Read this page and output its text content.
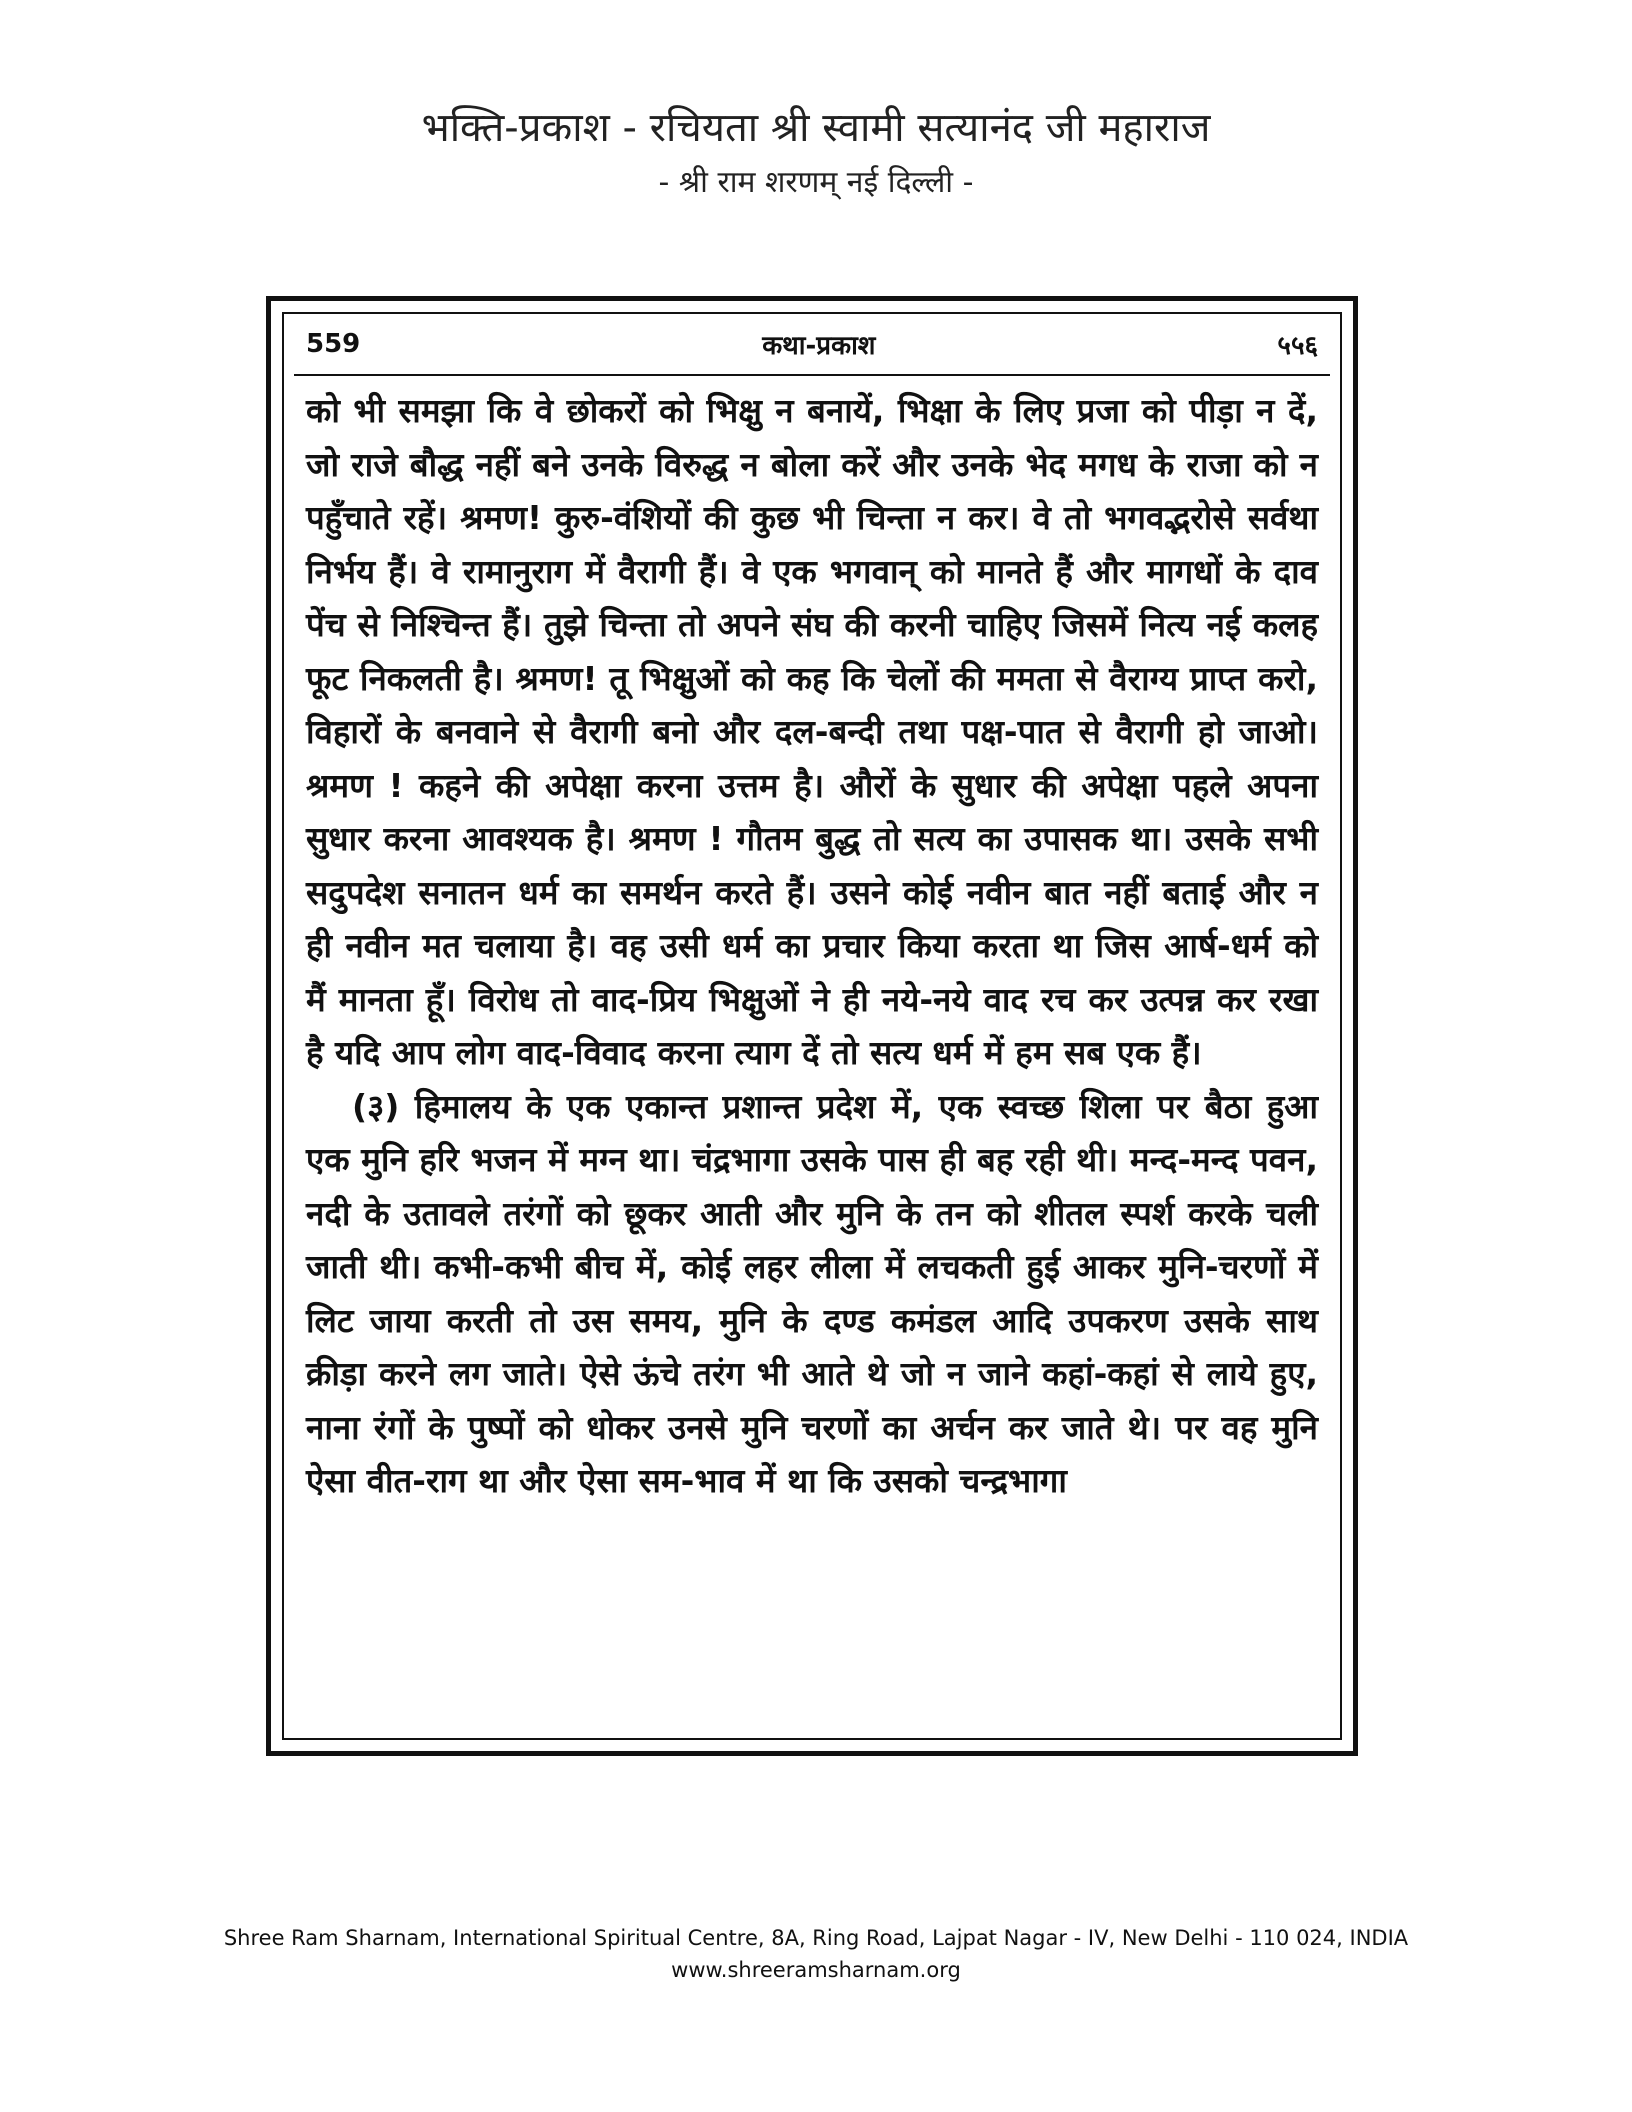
भक्ति-प्रकाश - रचियता श्री स्वामी सत्यानंद जी महाराज
- श्री राम शरणम् नई दिल्ली -
559	कथा-प्रकाश	५५६

को भी समझा कि वे छोकरों को भिक्षु न बनायें, भिक्षा के लिए प्रजा को पीड़ा न दें, जो राजे बौद्ध नहीं बने उनके विरुद्ध न बोला करें और उनके भेद मगध के राजा को न पहुँचाते रहें। श्रमण! कुरु-वंशियों की कुछ भी चिन्ता न कर। वे तो भगवद्भरोसे सर्वथा निर्भय हैं। वे रामानुराग में वैरागी हैं। वे एक भगवान् को मानते हैं और मागधों के दाव पेंच से निश्चिन्त हैं। तुझे चिन्ता तो अपने संघ की करनी चाहिए जिसमें नित्य नई कलह फूट निकलती है। श्रमण! तू भिक्षुओं को कह कि चेलों की ममता से वैराग्य प्राप्त करो, विहारों के बनवाने से वैरागी बनो और दल-बन्दी तथा पक्ष-पात से वैरागी हो जाओ। श्रमण ! कहने की अपेक्षा करना उत्तम है। औरों के सुधार की अपेक्षा पहले अपना सुधार करना आवश्यक है। श्रमण ! गौतम बुद्ध तो सत्य का उपासक था। उसके सभी सदुपदेश सनातन धर्म का समर्थन करते हैं। उसने कोई नवीन बात नहीं बताई और न ही नवीन मत चलाया है। वह उसी धर्म का प्रचार किया करता था जिस आर्ष-धर्म को मैं मानता हूँ। विरोध तो वाद-प्रिय भिक्षुओं ने ही नये-नये वाद रच कर उत्पन्न कर रखा है यदि आप लोग वाद-विवाद करना त्याग दें तो सत्य धर्म में हम सब एक हैं।

(३) हिमालय के एक एकान्त प्रशान्त प्रदेश में, एक स्वच्छ शिला पर बैठा हुआ एक मुनि हरि भजन में मग्न था। चंद्रभागा उसके पास ही बह रही थी। मन्द-मन्द पवन, नदी के उतावले तरंगों को छूकर आती और मुनि के तन को शीतल स्पर्श करके चली जाती थी। कभी-कभी बीच में, कोई लहर लीला में लचकती हुई आकर मुनि-चरणों में लिट जाया करती तो उस समय, मुनि के दण्ड कमंडल आदि उपकरण उसके साथ क्रीड़ा करने लग जाते। ऐसे ऊंचे तरंग भी आते थे जो न जाने कहां-कहां से लाये हुए, नाना रंगों के पुष्पों को धोकर उनसे मुनि चरणों का अर्चन कर जाते थे। पर वह मुनि ऐसा वीत-राग था और ऐसा सम-भाव में था कि उसको चन्द्रभागा

Shree Ram Sharnam, International Spiritual Centre, 8A, Ring Road, Lajpat Nagar - IV, New Delhi - 110 024, INDIA
www.shreeramsharnam.org
